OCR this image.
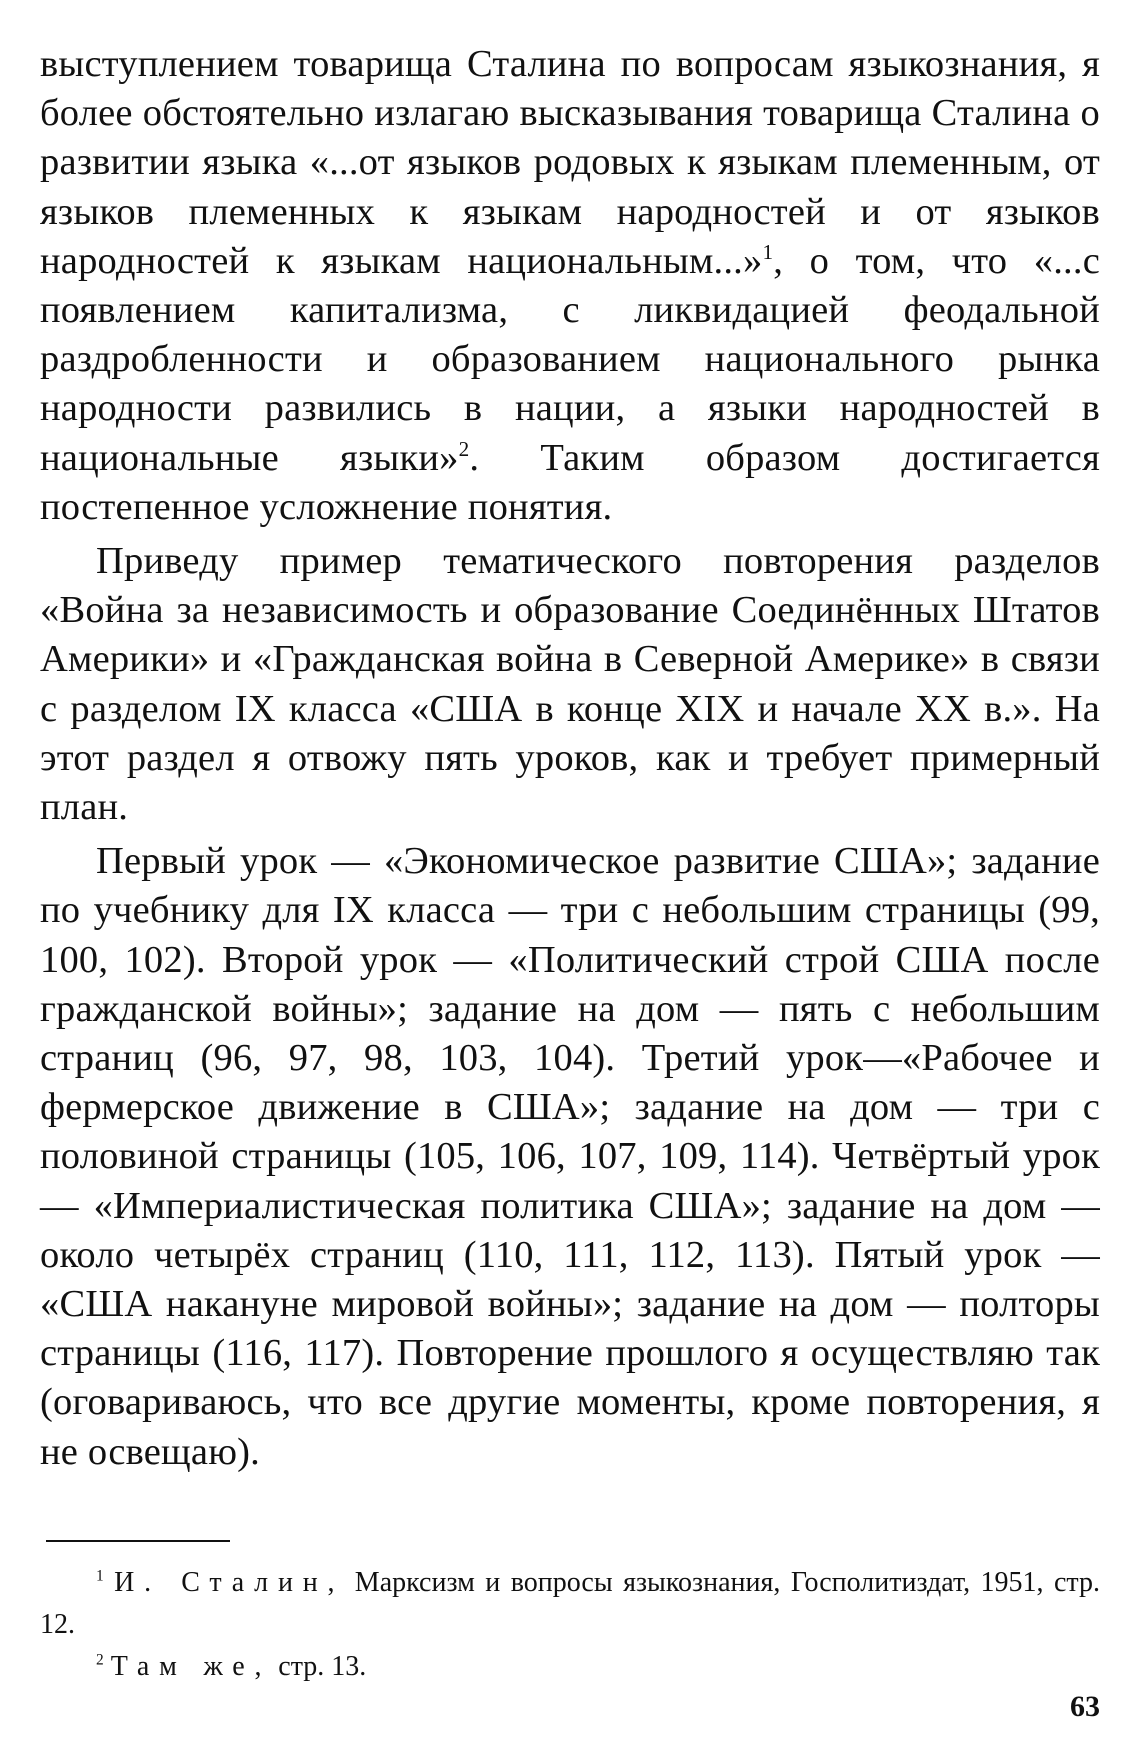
выступлением товарища Сталина по вопросам языкознания, я более обстоятельно излагаю высказывания товарища Сталина о развитии языка «...от языков родовых к языкам племенным, от языков племенных к языкам народностей и от языков народностей к языкам национальным...»$^1$, о том, что «...с появлением капитализма, с ликвидацией феодальной раздробленности и образованием национального рынка народности развились в нации, а языки народностей в национальные языки»$^2$. Таким образом достигается постепенное усложнение понятия.

Приведу пример тематического повторения разделов «Война за независимость и образование Соединённых Штатов Америки» и «Гражданская война в Северной Америке» в связи с разделом IX класса «США в конце XIX и начале XX в.». На этот раздел я отвожу пять уроков, как и требует примерный план.

Первый урок — «Экономическое развитие США»; задание по учебнику для IX класса — три с небольшим страницы (99, 100, 102). Второй урок — «Политический строй США после гражданской войны»; задание на дом — пять с небольшим страниц (96, 97, 98, 103, 104). Третий урок—«Рабочее и фермерское движение в США»; задание на дом — три с половиной страницы (105, 106, 107, 109, 114). Четвёртый урок — «Империалистическая политика США»; задание на дом — около четырёх страниц (110, 111, 112, 113). Пятый урок — «США накануне мировой войны»; задание на дом — полторы страницы (116, 117). Повторение прошлого я осуществляю так (оговариваюсь, что все другие моменты, кроме повторения, я не освещаю).

$^1$ И. Сталин, Марксизм и вопросы языкознания, Госполитиздат, 1951, стр. 12.

$^2$ Там же, стр. 13.

63
